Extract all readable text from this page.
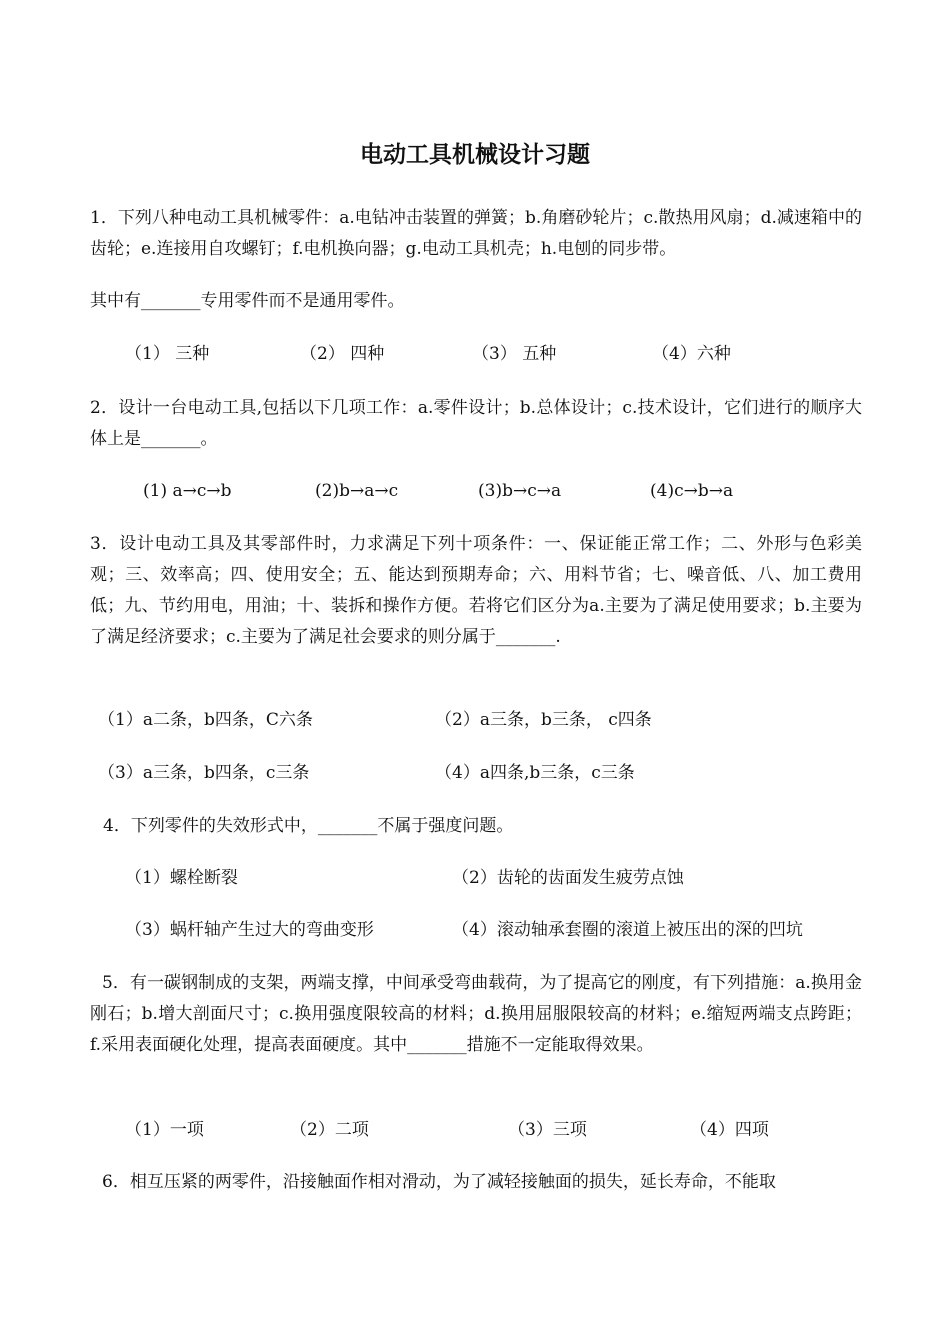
电动工具机械设计习题

1．下列八种电动工具机械零件：a.电钻冲击装置的弹簧；b.角磨砂轮片；c.散热用风扇；d.减速箱中的齿轮；e.连接用自攻螺钉；f.电机换向器；g.电动工具机壳；h.电刨的同步带。

其中有_______专用零件而不是通用零件。

（1） 三种	（2） 四种	（3） 五种	（4）六种

2．设计一台电动工具,包括以下几项工作：a.零件设计；b.总体设计；c.技术设计，它们进行的顺序大体上是_______。

(1) a→c→b	(2)b→a→c	(3)b→c→a	(4)c→b→a

3．设计电动工具及其零部件时，力求满足下列十项条件：一、保证能正常工作；二、外形与色彩美观；三、效率高；四、使用安全；五、能达到预期寿命；六、用料节省；七、噪音低、八、加工费用低；九、节约用电，用油；十、装拆和操作方便。若将它们区分为a.主要为了满足使用要求；b.主要为了满足经济要求；c.主要为了满足社会要求的则分属于_______.

（1）a二条，b四条，C六条	（2）a三条，b三条， c四条
（3）a三条，b四条，c三条	（4）a四条,b三条，c三条

4．下列零件的失效形式中，_______不属于强度问题。

（1）螺栓断裂	（2）齿轮的齿面发生疲劳点蚀
（3）蜗杆轴产生过大的弯曲变形	（4）滚动轴承套圈的滚道上被压出的深的凹坑

5．有一碳钢制成的支架，两端支撑，中间承受弯曲载荷，为了提高它的刚度，有下列措施：a.换用金刚石；b.增大剖面尺寸；c.换用强度限较高的材料；d.换用屈服限较高的材料；e.缩短两端支点跨距； f.采用表面硬化处理，提高表面硬度。其中_______措施不一定能取得效果。

（1）一项	（2）二项	（3）三项	（4）四项

6．相互压紧的两零件，沿接触面作相对滑动，为了减轻接触面的损失，延长寿命，不能取
